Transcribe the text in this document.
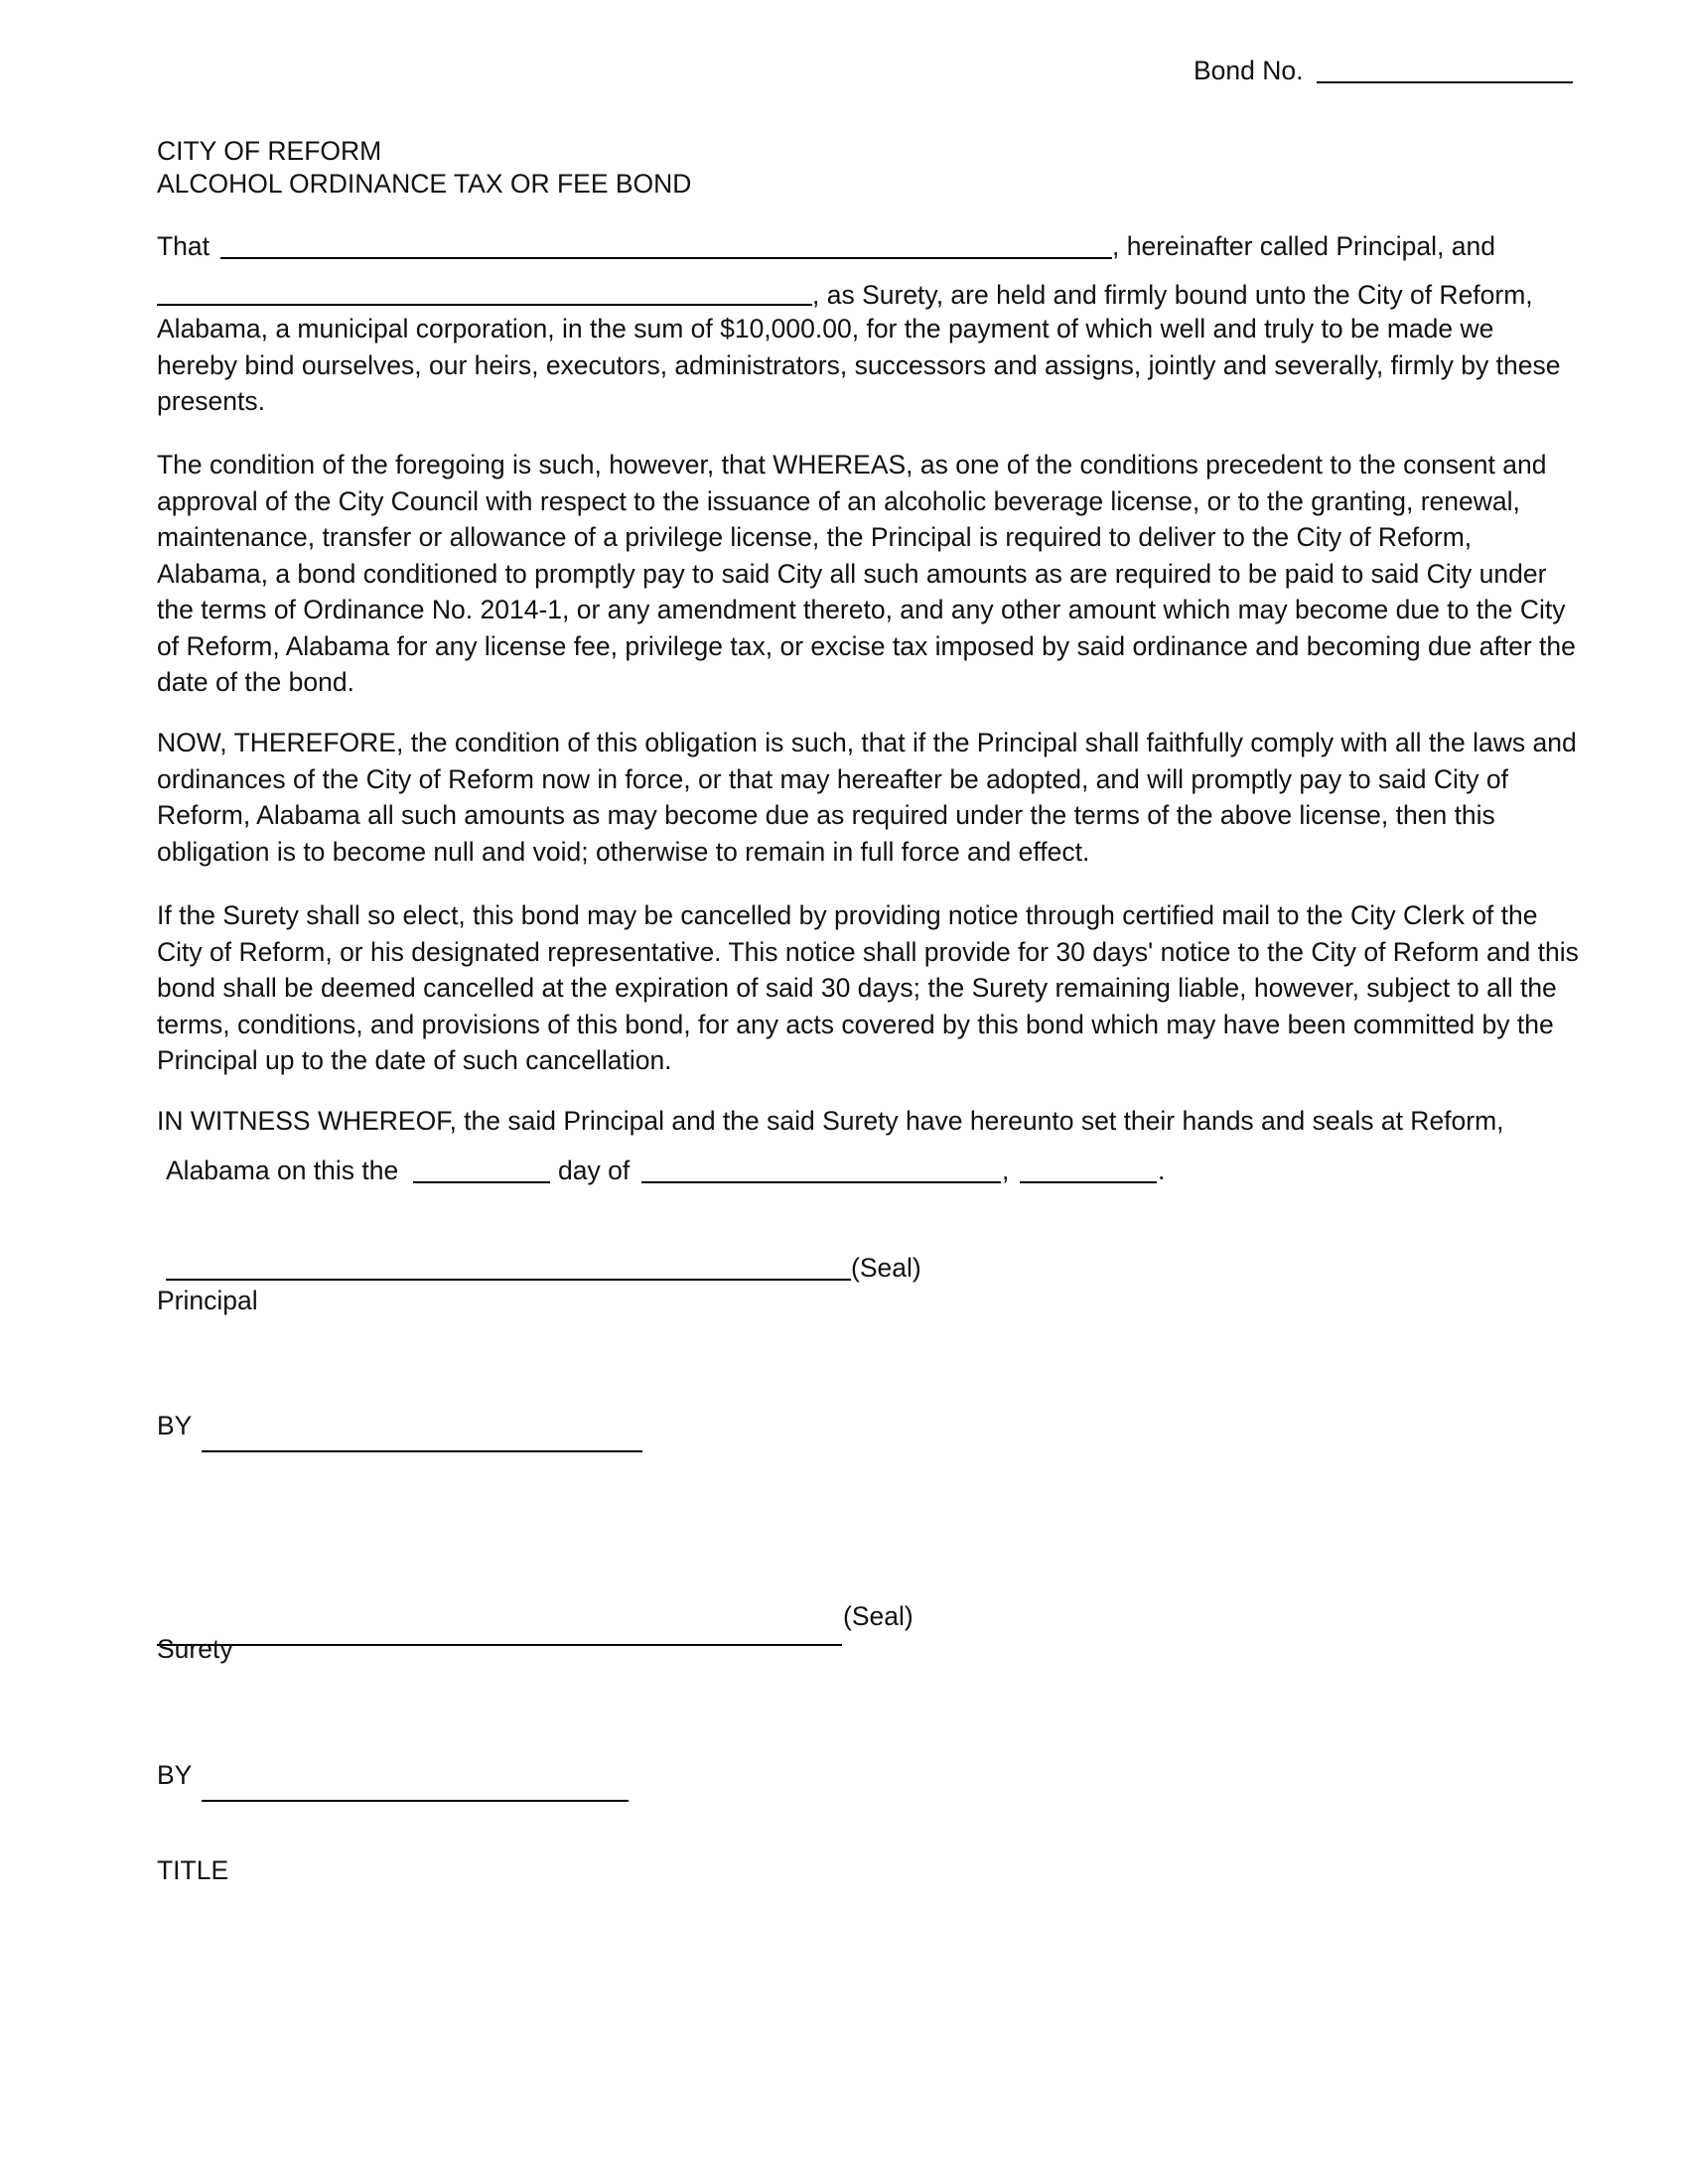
Bond No.
CITY OF REFORM
ALCOHOL ORDINANCE TAX OR FEE BOND
That	, hereinafter called Principal, and
, as Surety, are held and firmly bound unto the City of Reform,

Alabama, a municipal corporation, in the sum of $10,000.00, for the payment of which well and truly to be made we hereby bind ourselves, our heirs, executors, administrators, successors and assigns, jointly and severally, firmly by these presents.

The condition of the foregoing is such, however, that WHEREAS, as one of the conditions precedent to the consent and approval of the City Council with respect to the issuance of an alcoholic beverage license, or to the granting, renewal, maintenance, transfer or allowance of a privilege license, the Principal is required to deliver to the City of Reform, Alabama, a bond conditioned to promptly pay to said City all such amounts as are required to be paid to said City under the terms of Ordinance No. 2014-1, or any amendment thereto, and any other amount which may become due to the City of Reform, Alabama for any license fee, privilege tax, or excise tax imposed by said ordinance and becoming due after the date of the bond.

NOW, THEREFORE, the condition of this obligation is such, that if the Principal shall faithfully comply with all the laws and ordinances of the City of Reform now in force, or that may hereafter be adopted, and will promptly pay to said City of Reform, Alabama all such amounts as may become due as required under the terms of the above license, then this obligation is to become null and void; otherwise to remain in full force and effect.

If the Surety shall so elect, this bond may be cancelled by providing notice through certified mail to the City Clerk of the City of Reform, or his designated representative. This notice shall provide for 30 days' notice to the City of Reform and this bond shall be deemed cancelled at the expiration of said 30 days; the Surety remaining liable, however, subject to all the terms, conditions, and provisions of this bond, for any acts covered by this bond which may have been committed by the Principal up to the date of such cancellation.

IN WITNESS WHEREOF, the said Principal and the said Surety have hereunto set their hands and seals at Reform,
Alabama on this the	day of	,	.
(Seal)
Principal
BY
(Seal)
Surety
BY
TITLE
